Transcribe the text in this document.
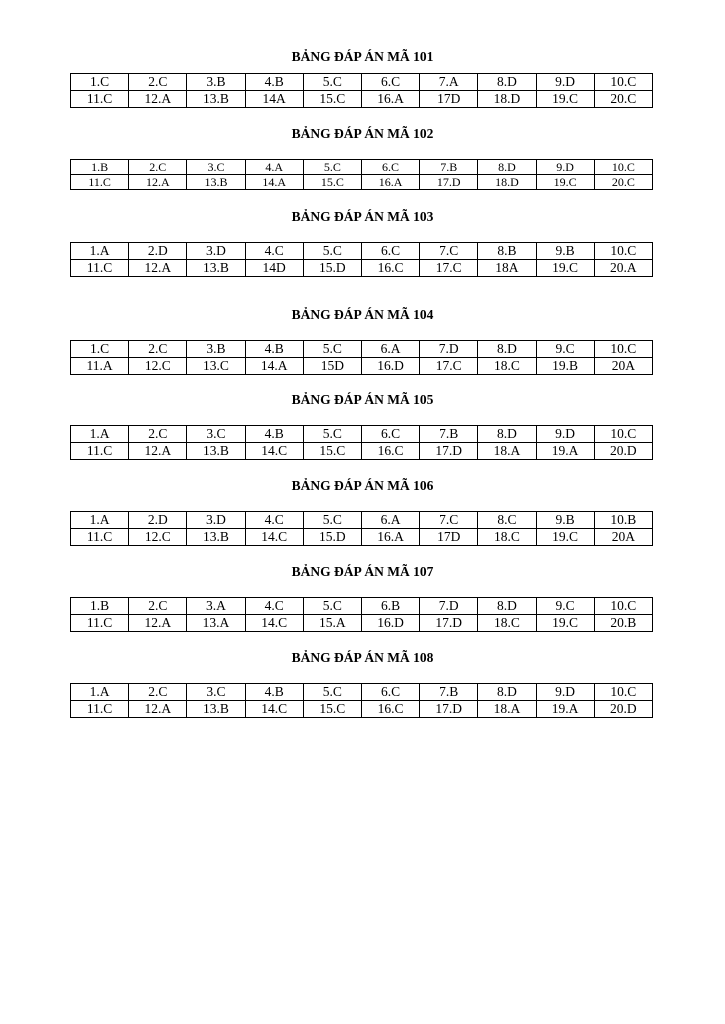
BẢNG ĐÁP ÁN MÃ 101

1.C	2.C	3.B	4.B	5.C	6.C	7.A	8.D	9.D	10.C
11.C	12.A	13.B	14A	15.C	16.A	17D	18.D	19.C	20.C

BẢNG ĐÁP ÁN MÃ 102

1.B	2.C	3.C	4.A	5.C	6.C	7.B	8.D	9.D	10.C
11.C	12.A	13.B	14.A	15.C	16.A	17.D	18.D	19.C	20.C

BẢNG ĐÁP ÁN MÃ 103

1.A	2.D	3.D	4.C	5.C	6.C	7.C	8.B	9.B	10.C
11.C	12.A	13.B	14D	15.D	16.C	17.C	18A	19.C	20.A

BẢNG ĐÁP ÁN MÃ 104

1.C	2.C	3.B	4.B	5.C	6.A	7.D	8.D	9.C	10.C
11.A	12.C	13.C	14.A	15D	16.D	17.C	18.C	19.B	20A

BẢNG ĐÁP ÁN MÃ 105

1.A	2.C	3.C	4.B	5.C	6.C	7.B	8.D	9.D	10.C
11.C	12.A	13.B	14.C	15.C	16.C	17.D	18.A	19.A	20.D

BẢNG ĐÁP ÁN MÃ 106

1.A	2.D	3.D	4.C	5.C	6.A	7.C	8.C	9.B	10.B
11.C	12.C	13.B	14.C	15.D	16.A	17D	18.C	19.C	20A

BẢNG ĐÁP ÁN MÃ 107

1.B	2.C	3.A	4.C	5.C	6.B	7.D	8.D	9.C	10.C
11.C	12.A	13.A	14.C	15.A	16.D	17.D	18.C	19.C	20.B

BẢNG ĐÁP ÁN MÃ 108

1.A	2.C	3.C	4.B	5.C	6.C	7.B	8.D	9.D	10.C
11.C	12.A	13.B	14.C	15.C	16.C	17.D	18.A	19.A	20.D
